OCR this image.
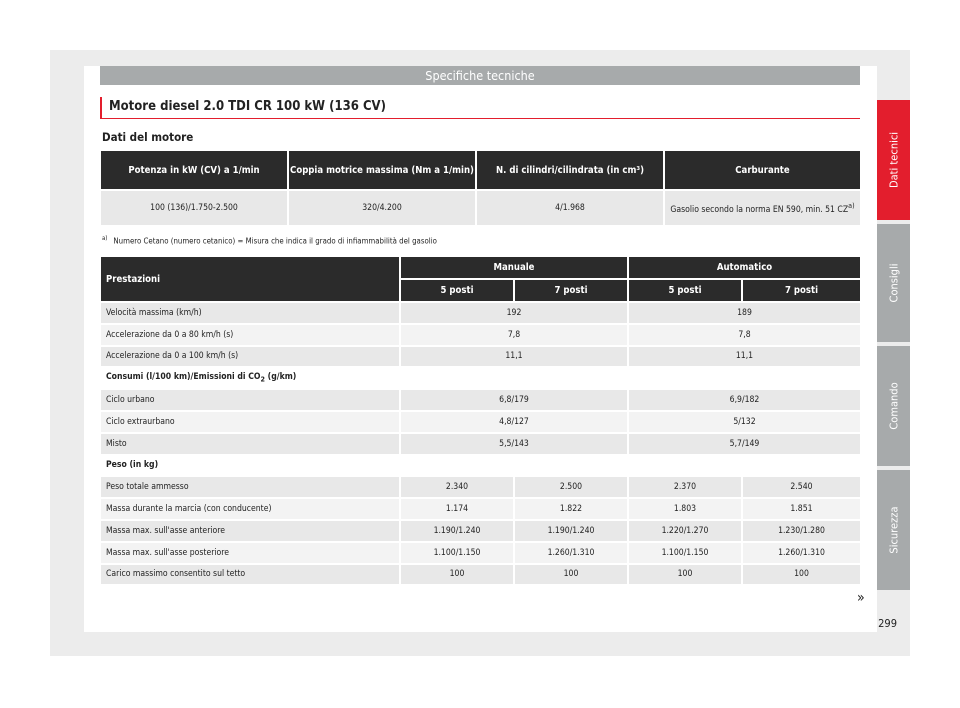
Specifiche tecniche
Motore diesel 2.0 TDI CR 100 kW (136 CV)
Dati del motore
Potenza in kW (CV) a 1/min	Coppia motrice massima (Nm a 1/min)	N. di cilindri/cilindrata (in cm³)	Carburante
100 (136)/1.750-2.500	320/4.200	4/1.968	Gasolio secondo la norma EN 590, min. 51 CZ$^{a)}$
$^{a)}$ Numero Cetano (numero cetanico) = Misura che indica il grado di infiammabilità del gasolio
Prestazioni	Manuale		Automatico	
	5 posti	7 posti	5 posti	7 posti
Velocità massima (km/h)	192		189	
Accelerazione da 0 a 80 km/h (s)	7,8		7,8	
Accelerazione da 0 a 100 km/h (s)	11,1		11,1	
Consumi (l/100 km)/Emissioni di $CO_2$ (g/km)				
Ciclo urbano	6,8/179		6,9/182	
Ciclo extraurbano	4,8/127		5/132	
Misto	5,5/143		5,7/149	
Peso (in kg)				
Peso totale ammesso	2.340	2.500	2.370	2.540
Massa durante la marcia (con conducente)	1.174	1.822	1.803	1.851
Massa max. sull'asse anteriore	1.190/1.240	1.190/1.240	1.220/1.270	1.230/1.280
Massa max. sull'asse posteriore	1.100/1.150	1.260/1.310	1.100/1.150	1.260/1.310
Carico massimo consentito sul tetto	100	100	100	100
»
Dati tecnici
Consigli
Comando
Sicurezza
299
